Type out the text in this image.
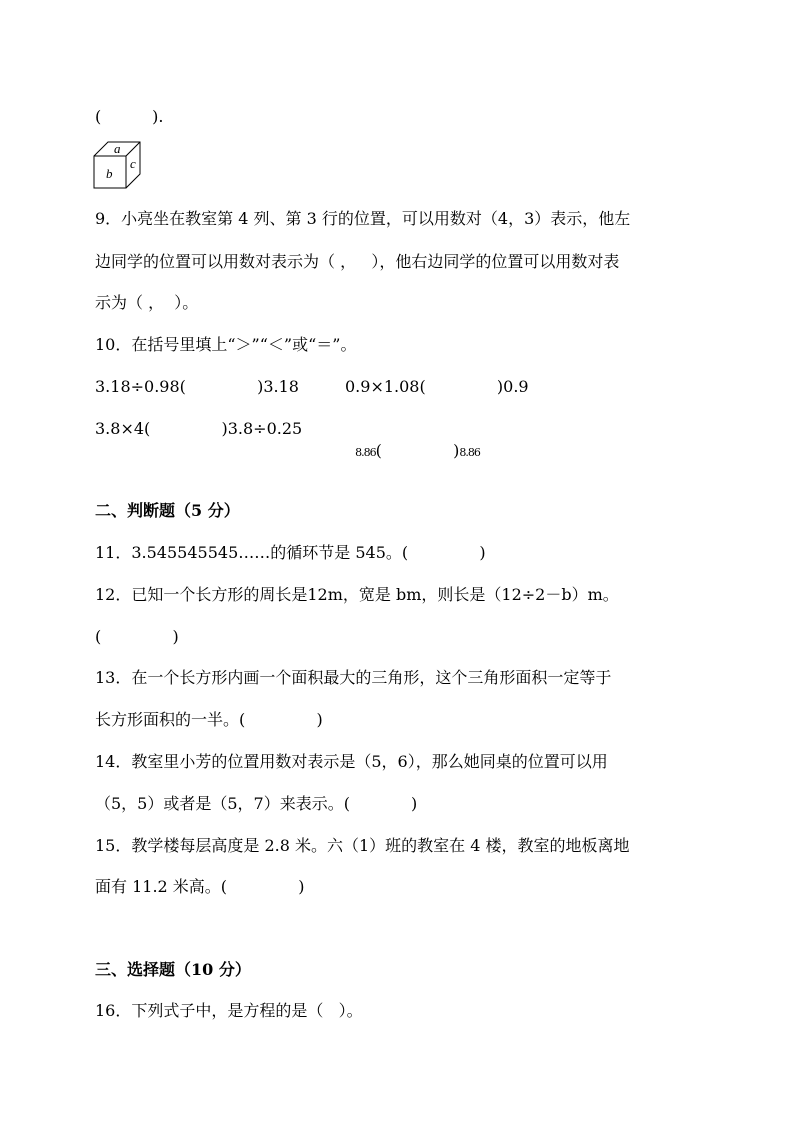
(          ).
a
b
c
9．小亮坐在教室第 4 列、第 3 行的位置，可以用数对（4，3）表示，他左
边同学的位置可以用数对表示为（ ，   ），他右边同学的位置可以用数对表
示为（ ，  ）。
10．在括号里填上“＞”“＜”或“＝”。
3.18÷0.98(              )3.18	0.9×1.08(              )0.9
3.8×4(              )3.8÷0.25

8.86(              )8.86

二、判断题（5 分）
11．3.545545545……的循环节是 545。(              )
12．已知一个长方形的周长是12m，宽是 bm，则长是（12÷2－b）m。
(              )
13．在一个长方形内画一个面积最大的三角形，这个三角形面积一定等于
长方形面积的一半。(              )
14．教室里小芳的位置用数对表示是（5，6），那么她同桌的位置可以用
（5，5）或者是（5，7）来表示。(            )
15．教学楼每层高度是 2.8 米。六（1）班的教室在 4 楼，教室的地板离地
面有 11.2 米高。(              )
三、选择题（10 分）
16．下列式子中，是方程的是（   ）。
